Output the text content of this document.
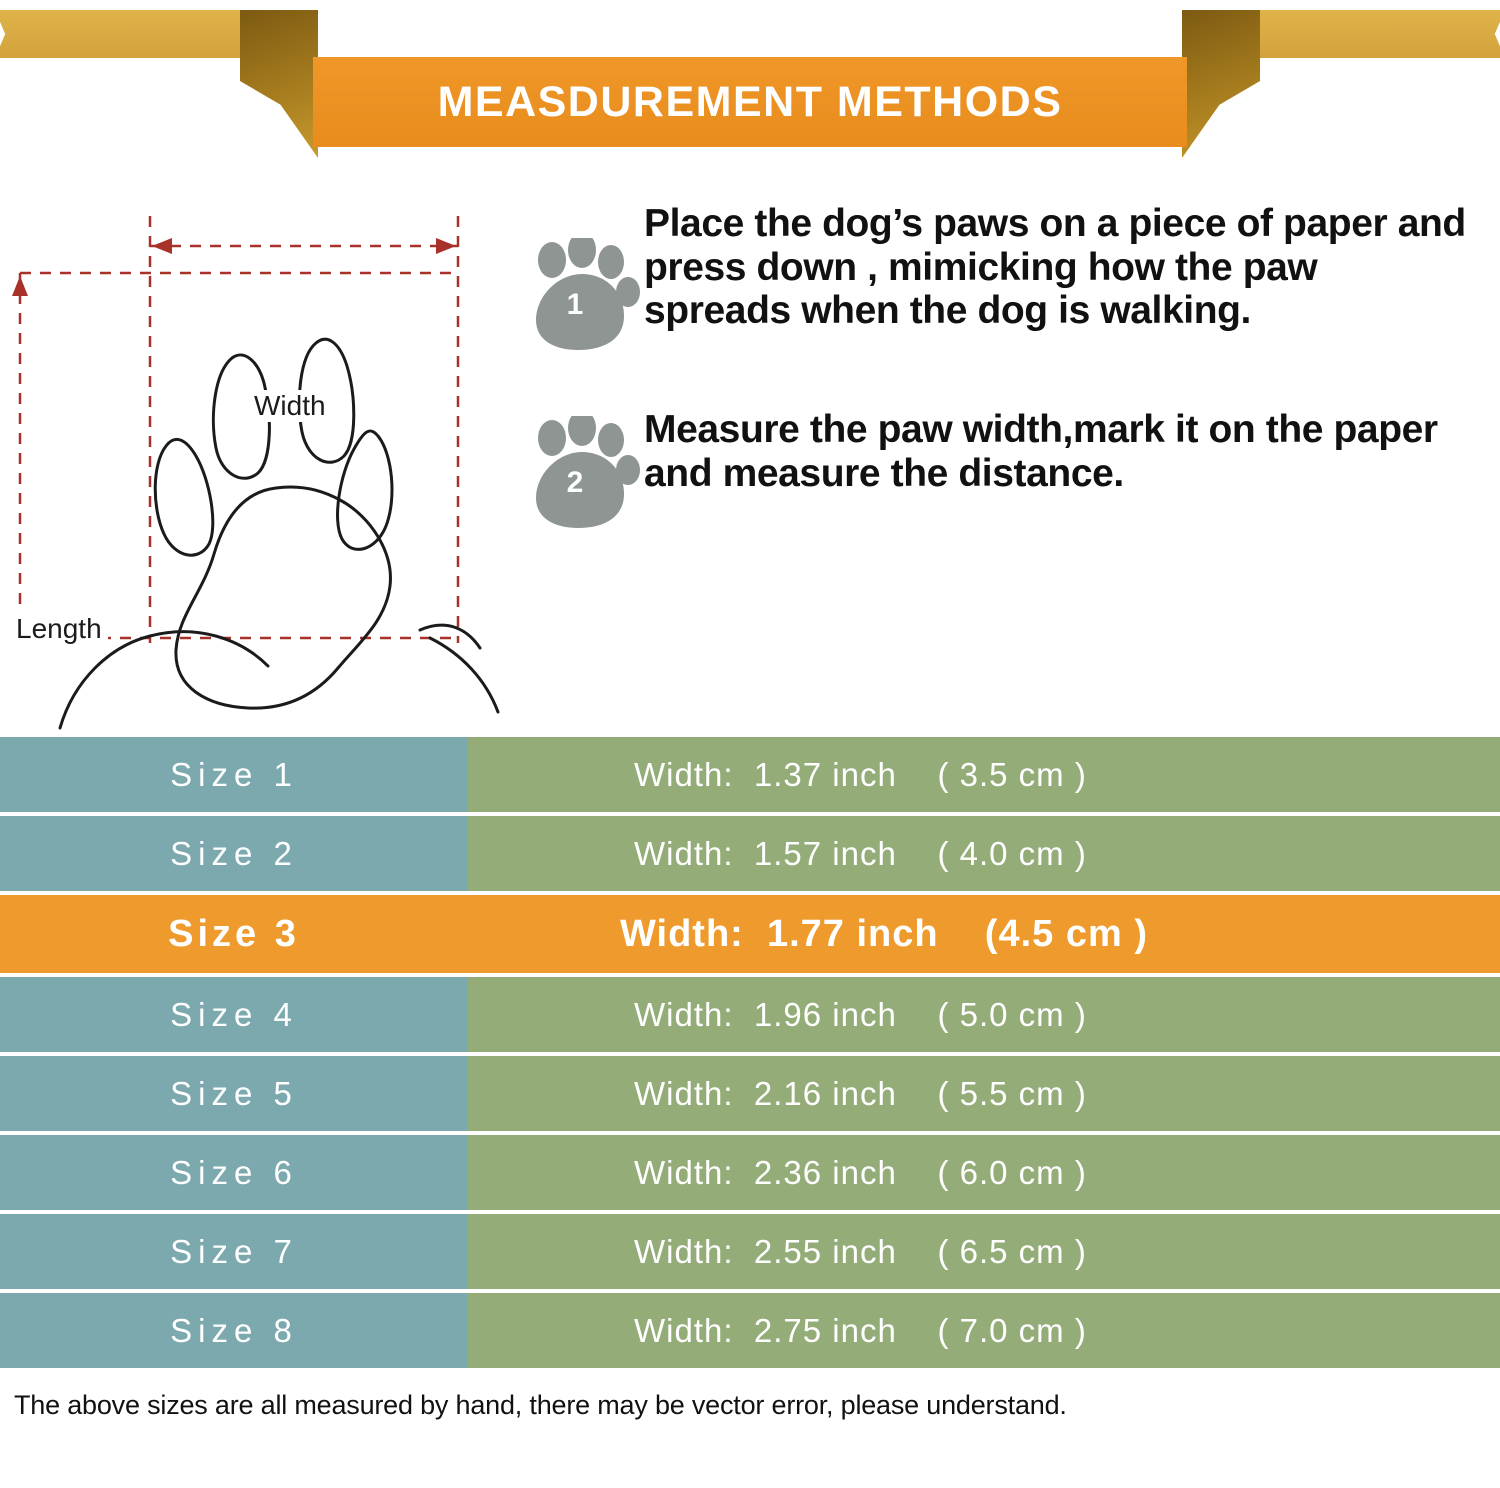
MEASDUREMENT METHODS
Width
Length
1
Place the dog’s paws on a piece of paper and press down , mimicking how the paw spreads when the dog is walking.
2
Measure the paw width,mark it on the paper and measure the distance.
Size 1	Width:  1.37 inch    ( 3.5 cm )
Size 2	Width:  1.57 inch    ( 4.0 cm )
Size 3	Width:  1.77 inch    (4.5 cm )
Size 4	Width:  1.96 inch    ( 5.0 cm )
Size 5	Width:  2.16 inch    ( 5.5 cm )
Size 6	Width:  2.36 inch    ( 6.0 cm )
Size 7	Width:  2.55 inch    ( 6.5 cm )
Size 8	Width:  2.75 inch    ( 7.0 cm )
The above sizes are all measured by hand, there may be vector error, please understand.
